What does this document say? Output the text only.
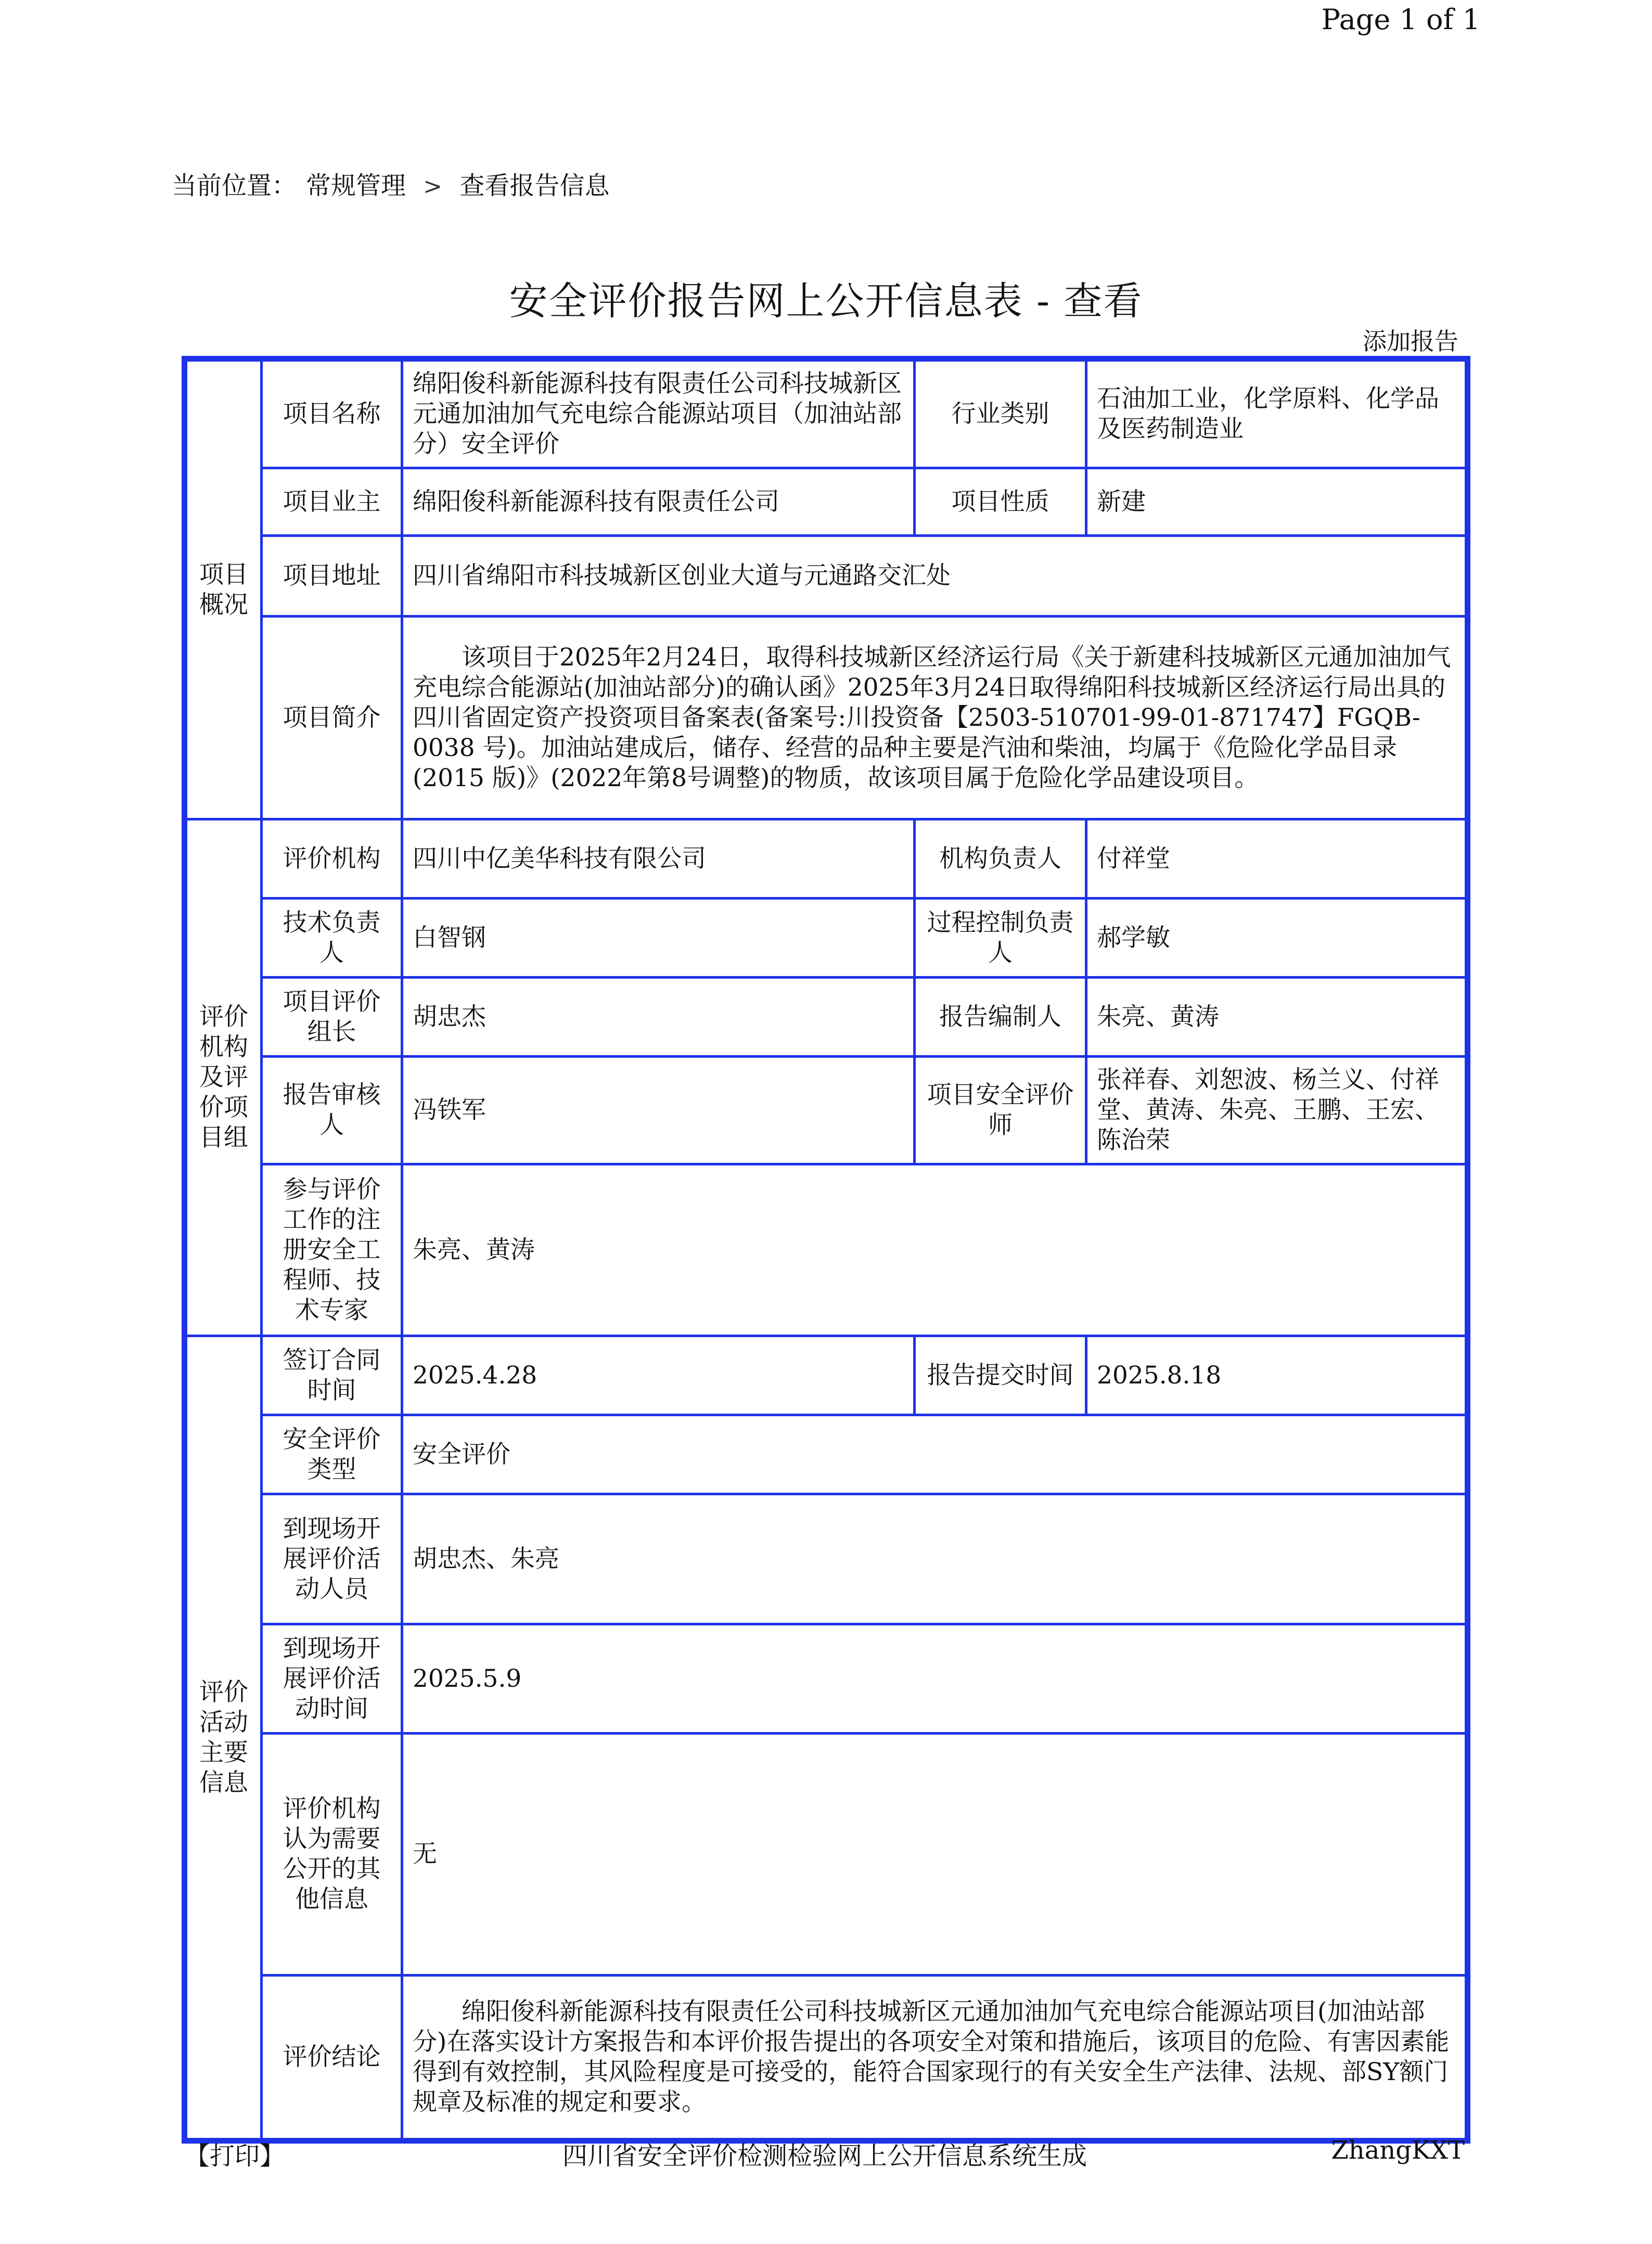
Page 1 of 1
当前位置： 常规管理 > 查看报告信息
安全评价报告网上公开信息表 - 查看
添加报告
项目概况	项目名称	绵阳俊科新能源科技有限责任公司科技城新区元通加油加气充电综合能源站项目（加油站部分）安全评价	行业类别	石油加工业，化学原料、化学品及医药制造业
	项目业主	绵阳俊科新能源科技有限责任公司	项目性质	新建
	项目地址	四川省绵阳市科技城新区创业大道与元通路交汇处		
	项目简介	该项目于2025年2月24日，取得科技城新区经济运行局《关于新建科技城新区元通加油加气充电综合能源站(加油站部分)的确认函》2025年3月24日取得绵阳科技城新区经济运行局出具的四川省固定资产投资项目备案表(备案号:川投资备【2503-510701-99-01-871747】FGQB-0038 号)。加油站建成后，储存、经营的品种主要是汽油和柴油，均属于《危险化学品目录(2015 版)》(2022年第8号调整)的物质，故该项目属于危险化学品建设项目。		
评价机构及评价项目组	评价机构	四川中亿美华科技有限公司	机构负责人	付祥堂
	技术负责人	白智钢	过程控制负责人	郝学敏
	项目评价组长	胡忠杰	报告编制人	朱亮、黄涛
	报告审核人	冯铁军	项目安全评价师	张祥春、刘恕波、杨兰义、付祥堂、黄涛、朱亮、王鹏、王宏、陈治荣
	参与评价工作的注册安全工程师、技术专家	朱亮、黄涛		
评价活动主要信息	签订合同时间	2025.4.28	报告提交时间	2025.8.18
	安全评价类型	安全评价		
	到现场开展评价活动人员	胡忠杰、朱亮		
	到现场开展评价活动时间	2025.5.9		
	评价机构认为需要公开的其他信息	无		
	评价结论	绵阳俊科新能源科技有限责任公司科技城新区元通加油加气充电综合能源站项目(加油站部分)在落实设计方案报告和本评价报告提出的各项安全对策和措施后，该项目的危险、有害因素能得到有效控制，其风险程度是可接受的，能符合国家现行的有关安全生产法律、法规、部SY额门规章及标准的规定和要求。		
四川省安全评价检测检验网上公开信息系统生成
【打印】	ZhangKXT
